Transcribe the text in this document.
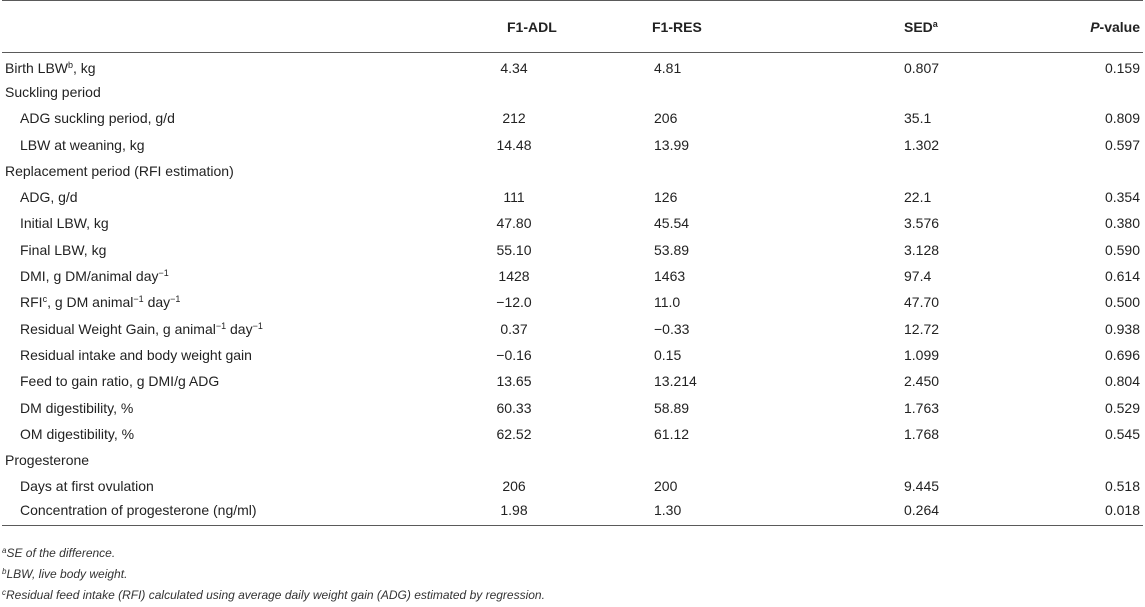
	F1-ADL	F1-RES	SED$^a$	P-value
Birth LBW$^b$, kg	4.34	4.81	0.807	0.159
Suckling period				
ADG suckling period, g/d	212	206	35.1	0.809
LBW at weaning, kg	14.48	13.99	1.302	0.597
Replacement period (RFI estimation)				
ADG, g/d	111	126	22.1	0.354
Initial LBW, kg	47.80	45.54	3.576	0.380
Final LBW, kg	55.10	53.89	3.128	0.590
DMI, g DM/animal day$^{-1}$	1428	1463	97.4	0.614
RFI$^c$, g DM animal$^{-1}$ day$^{-1}$	−12.0	11.0	47.70	0.500
Residual Weight Gain, g animal$^{-1}$ day$^{-1}$	0.37	−0.33	12.72	0.938
Residual intake and body weight gain	−0.16	0.15	1.099	0.696
Feed to gain ratio, g DMI/g ADG	13.65	13.214	2.450	0.804
DM digestibility, %	60.33	58.89	1.763	0.529
OM digestibility, %	62.52	61.12	1.768	0.545
Progesterone				
Days at first ovulation	206	200	9.445	0.518
Concentration of progesterone (ng/ml)	1.98	1.30	0.264	0.018
$^a$SE of the difference.
$^b$LBW, live body weight.
$^c$Residual feed intake (RFI) calculated using average daily weight gain (ADG) estimated by regression.
